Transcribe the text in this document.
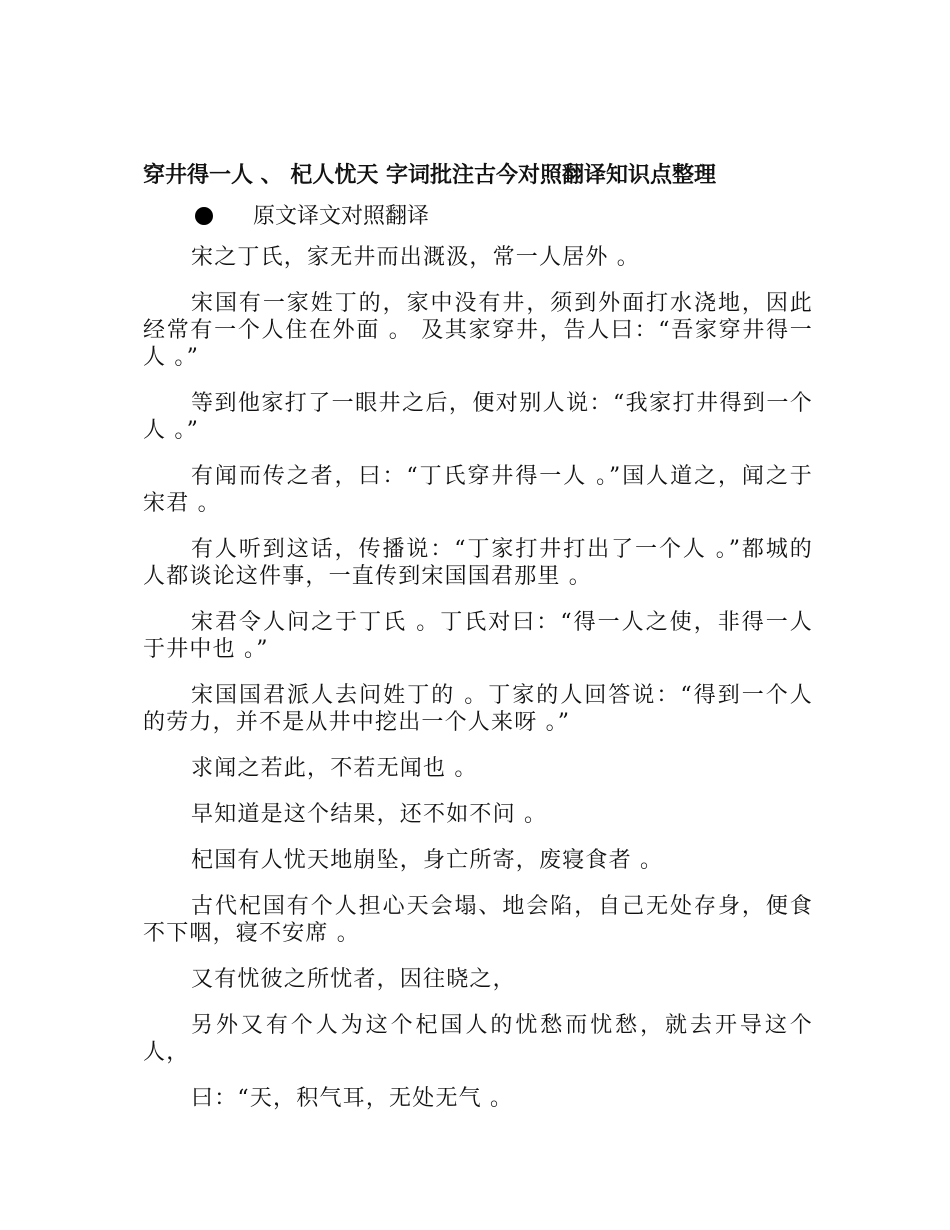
穿井得一人 、 杞人忧天 字词批注古今对照翻译知识点整理
原文译文对照翻译

宋之丁氏，家无井而出溉汲，常一人居外 。

宋国有一家姓丁的，家中没有井，须到外面打水浇地，因此经常有一个人住在外面 。 及其家穿井，告人曰：“吾家穿井得一人 。”

等到他家打了一眼井之后，便对别人说：“我家打井得到一个人 。”

有闻而传之者，曰：“丁氏穿井得一人 。”国人道之，闻之于宋君 。

有人听到这话，传播说：“丁家打井打出了一个人 。”都城的人都谈论这件事，一直传到宋国国君那里 。

宋君令人问之于丁氏 。丁氏对曰：“得一人之使，非得一人于井中也 。”

宋国国君派人去问姓丁的 。丁家的人回答说：“得到一个人的劳力，并不是从井中挖出一个人来呀 。”

求闻之若此，不若无闻也 。

早知道是这个结果，还不如不问 。

杞国有人忧天地崩坠，身亡所寄，废寝食者 。

古代杞国有个人担心天会塌、地会陷，自己无处存身，便食不下咽，寝不安席 。

又有忧彼之所忧者，因往晓之，

另外又有个人为这个杞国人的忧愁而忧愁，就去开导这个人，

曰：“天，积气耳，无处无气 。
